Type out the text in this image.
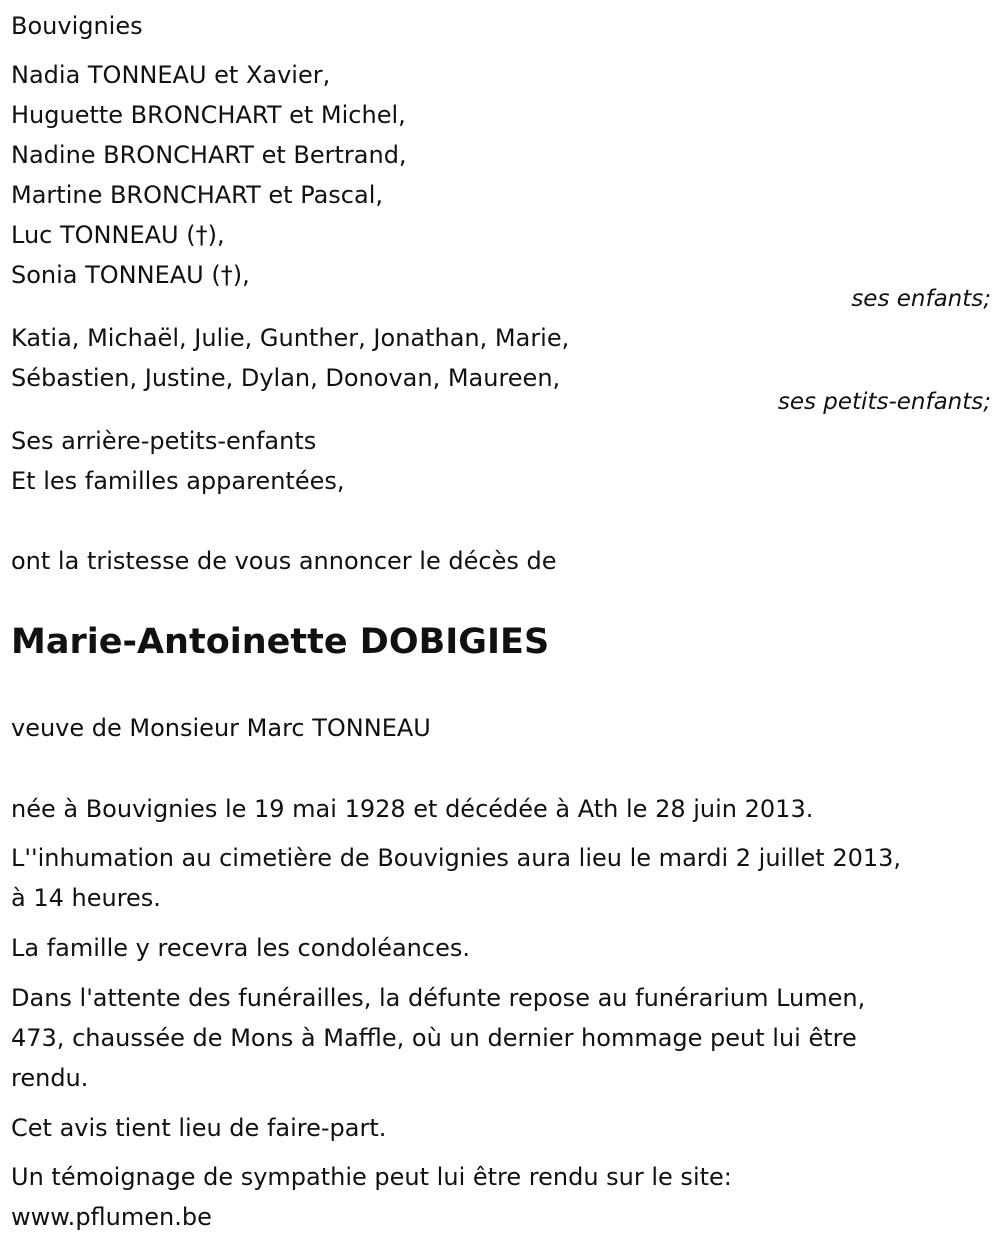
Bouvignies
Nadia TONNEAU et Xavier,
Huguette BRONCHART et Michel,
Nadine BRONCHART et Bertrand,
Martine BRONCHART et Pascal,
Luc TONNEAU (†),
Sonia TONNEAU (†),
ses enfants;
Katia, Michaël, Julie, Gunther, Jonathan, Marie,
Sébastien, Justine, Dylan, Donovan, Maureen,
ses petits-enfants;
Ses arrière-petits-enfants
Et les familles apparentées,
ont la tristesse de vous annoncer le décès de
Marie-Antoinette DOBIGIES
veuve de Monsieur Marc TONNEAU
née à Bouvignies le 19 mai 1928 et décédée à Ath le 28 juin 2013.
L''inhumation au cimetière de Bouvignies aura lieu le mardi 2 juillet 2013,
à 14 heures.
La famille y recevra les condoléances.
Dans l'attente des funérailles, la défunte repose au funérarium Lumen,
473, chaussée de Mons à Maffle, où un dernier hommage peut lui être
rendu.
Cet avis tient lieu de faire-part.
Un témoignage de sympathie peut lui être rendu sur le site:
www.pflumen.be
